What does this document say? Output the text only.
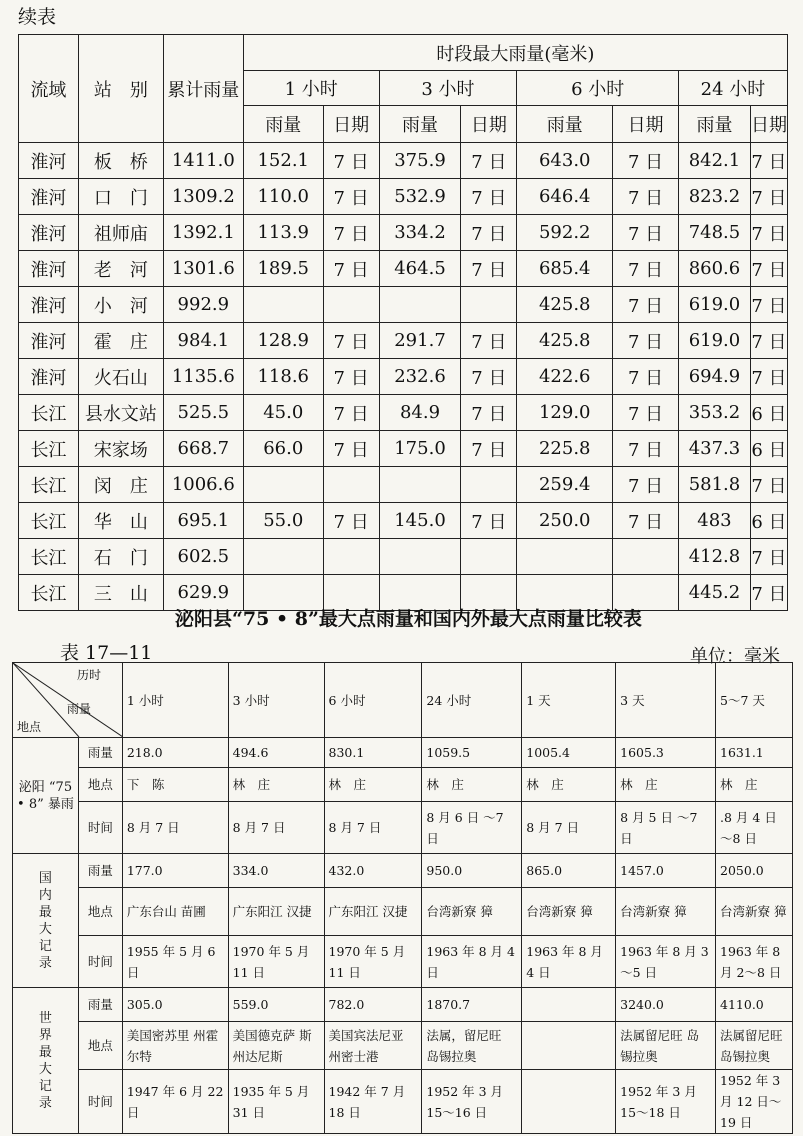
续表
流域	站　别	累计雨量	时段最大雨量(毫米)							
			1 小时		3 小时		6 小时		24 小时	
			雨量	日期	雨量	日期	雨量	日期	雨量	日期
淮河	板　桥	1411.0	152.1	7 日	375.9	7 日	643.0	7 日	842.1	7 日
淮河	口　门	1309.2	110.0	7 日	532.9	7 日	646.4	7 日	823.2	7 日
淮河	祖师庙	1392.1	113.9	7 日	334.2	7 日	592.2	7 日	748.5	7 日
淮河	老　河	1301.6	189.5	7 日	464.5	7 日	685.4	7 日	860.6	7 日
淮河	小　河	992.9					425.8	7 日	619.0	7 日
淮河	霍　庄	984.1	128.9	7 日	291.7	7 日	425.8	7 日	619.0	7 日
淮河	火石山	1135.6	118.6	7 日	232.6	7 日	422.6	7 日	694.9	7 日
长江	县水文站	525.5	45.0	7 日	84.9	7 日	129.0	7 日	353.2	6 日
长江	宋家场	668.7	66.0	7 日	175.0	7 日	225.8	7 日	437.3	6 日
长江	闵　庄	1006.6					259.4	7 日	581.8	7 日
长江	华　山	695.1	55.0	7 日	145.0	7 日	250.0	7 日	483	6 日
长江	石　门	602.5							412.8	7 日
长江	三　山	629.9							445.2	7 日
泌阳县“75 • 8”最大点雨量和国内外最大点雨量比较表
表 17—11	单位：毫米
历时
雨量
地点		1 小时	3 小时	6 小时	24 小时	1 天	3 天	5～7 天
泌阳 “75 • 8” 暴雨	雨量	218.0	494.6	830.1	1059.5	1005.4	1605.3	1631.1
	地点	下　陈	林　庄	林　庄	林　庄	林　庄	林　庄	林　庄
	时间	8 月 7 日	8 月 7 日	8 月 7 日	8 月 6 日 ～7 日	8 月 7 日	8 月 5 日 ～7 日	.8 月 4 日 ～8 日
国内最大记录	雨量	177.0	334.0	432.0	950.0	865.0	1457.0	2050.0
	地点	广东台山 苗圃	广东阳江 汉捷	广东阳江 汉捷	台湾新寮 獐	台湾新寮 獐	台湾新寮 獐	台湾新寮 獐
	时间	1955 年 5 月 6 日	1970 年 5 月 11 日	1970 年 5 月 11 日	1963 年 8 月 4 日	1963 年 8 月 4 日	1963 年 8 月 3～5 日	1963 年 8 月 2～8 日
世界最大记录	雨量	305.0	559.0	782.0	1870.7		3240.0	4110.0
	地点	美国密苏里 州霍尔特	美国德克萨 斯州达尼斯	美国宾法尼亚 州密士港	法属，留尼旺 岛锡拉奥		法属留尼旺 岛锡拉奥	法属留尼旺 岛锡拉奥
	时间	1947 年 6 月 22 日	1935 年 5 月 31 日	1942 年 7 月 18 日	1952 年 3 月 15～16 日		1952 年 3 月 15～18 日	1952 年 3 月 12 日～19 日
